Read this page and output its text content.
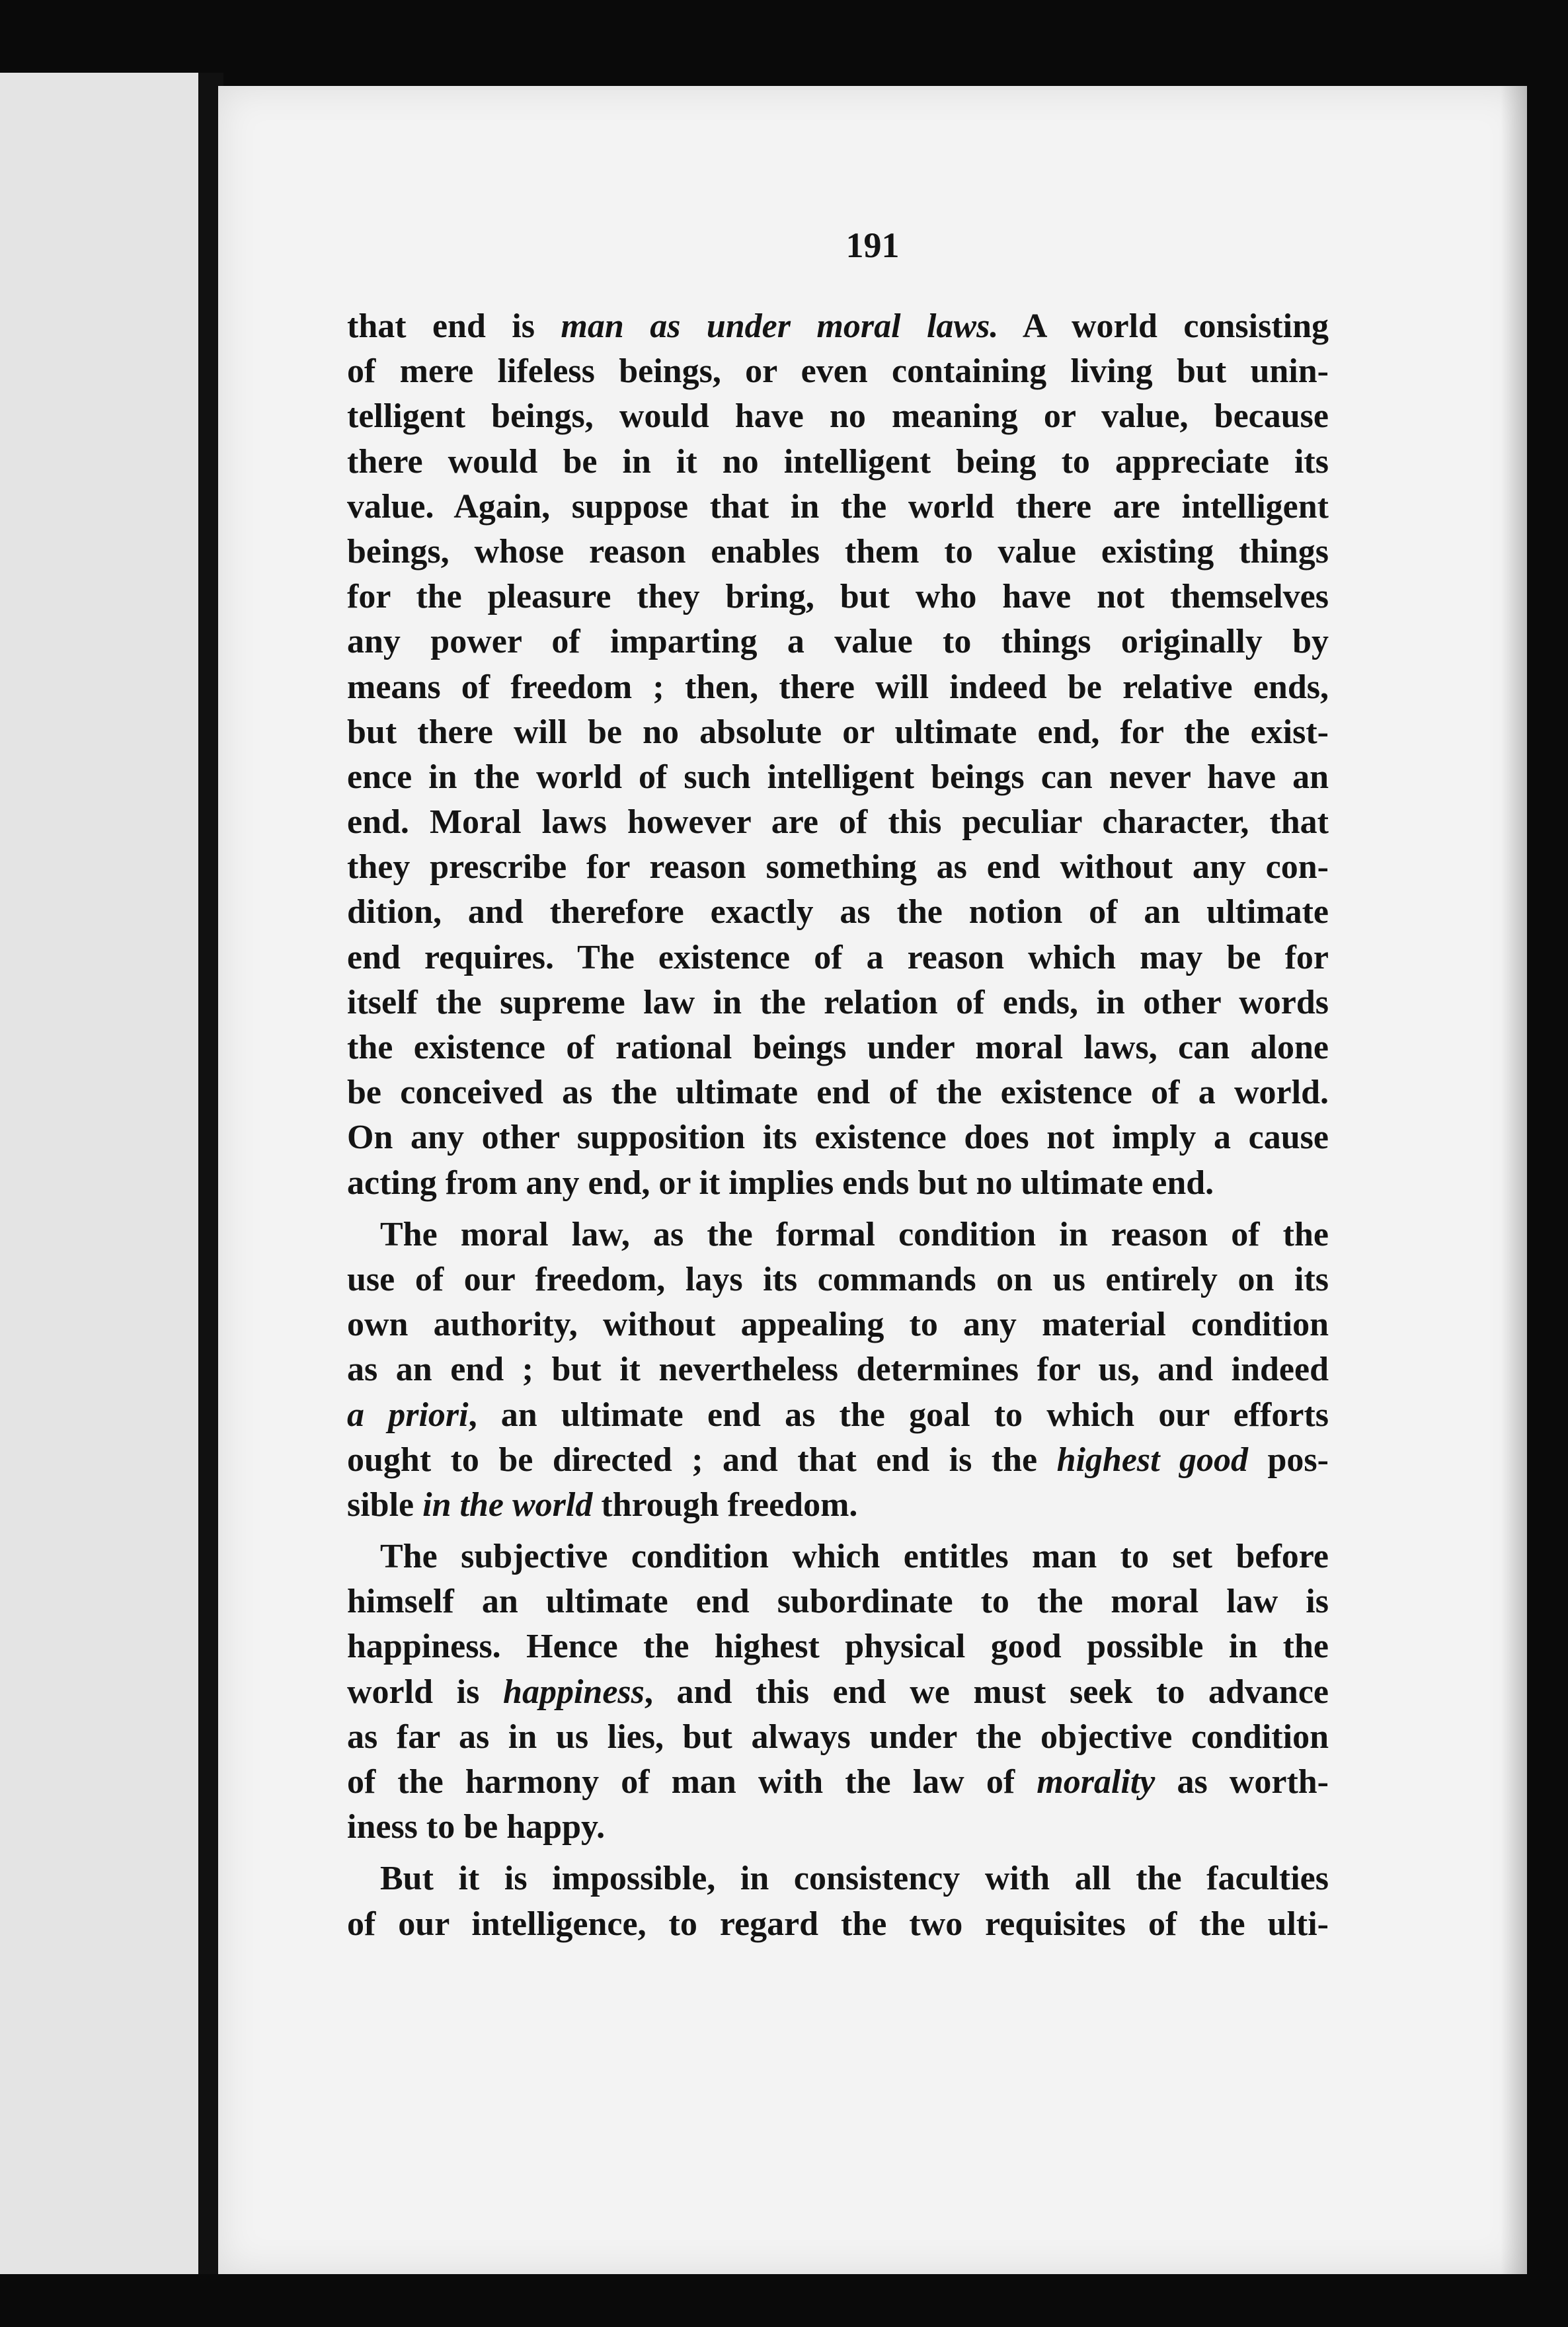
191
that end is man as under moral laws. A world consisting
of mere lifeless beings, or even containing living but unin-
telligent beings, would have no meaning or value, because
there would be in it no intelligent being to appreciate its
value. Again, suppose that in the world there are intelligent
beings, whose reason enables them to value existing things
for the pleasure they bring, but who have not themselves
any power of imparting a value to things originally by
means of freedom ; then, there will indeed be relative ends,
but there will be no absolute or ultimate end, for the exist-
ence in the world of such intelligent beings can never have an
end. Moral laws however are of this peculiar character, that
they prescribe for reason something as end without any con-
dition, and therefore exactly as the notion of an ultimate
end requires. The existence of a reason which may be for
itself the supreme law in the relation of ends, in other words
the existence of rational beings under moral laws, can alone
be conceived as the ultimate end of the existence of a world.
On any other supposition its existence does not imply a cause
acting from any end, or it implies ends but no ultimate end.
The moral law, as the formal condition in reason of the
use of our freedom, lays its commands on us entirely on its
own authority, without appealing to any material condition
as an end ; but it nevertheless determines for us, and indeed
a priori, an ultimate end as the goal to which our efforts
ought to be directed ; and that end is the highest good pos-
sible in the world through freedom.
The subjective condition which entitles man to set before
himself an ultimate end subordinate to the moral law is
happiness. Hence the highest physical good possible in the
world is happiness, and this end we must seek to advance
as far as in us lies, but always under the objective condition
of the harmony of man with the law of morality as worth-
iness to be happy.
But it is impossible, in consistency with all the faculties
of our intelligence, to regard the two requisites of the ulti-
